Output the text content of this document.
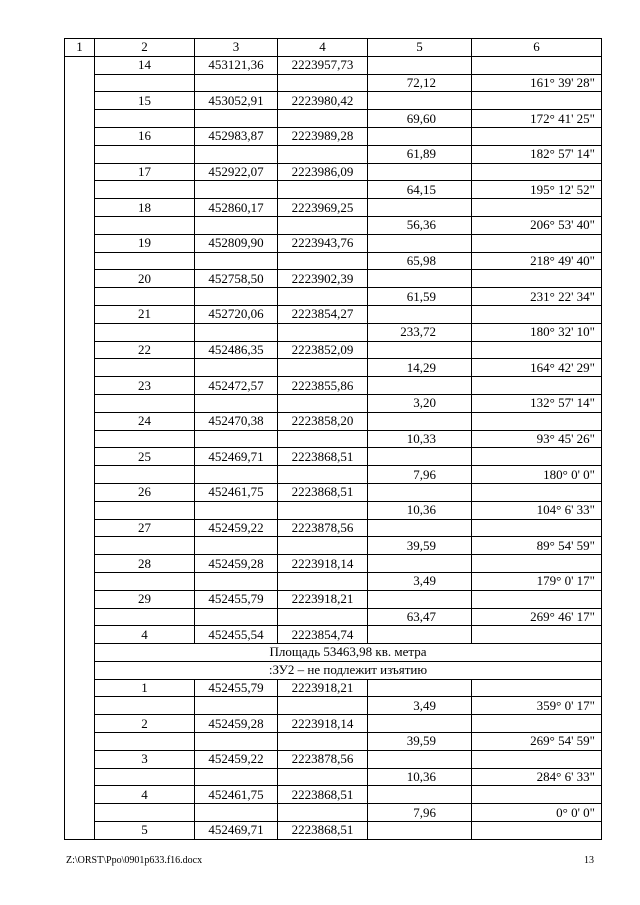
1	2	3	4	5	6
	14	453121,36	2223957,73		
				72,12	161° 39' 28"
	15	453052,91	2223980,42		
				69,60	172° 41' 25"
	16	452983,87	2223989,28		
				61,89	182° 57' 14"
	17	452922,07	2223986,09		
				64,15	195° 12' 52"
	18	452860,17	2223969,25		
				56,36	206° 53' 40"
	19	452809,90	2223943,76		
				65,98	218° 49' 40"
	20	452758,50	2223902,39		
				61,59	231° 22' 34"
	21	452720,06	2223854,27		
				233,72	180° 32' 10"
	22	452486,35	2223852,09		
				14,29	164° 42' 29"
	23	452472,57	2223855,86		
				3,20	132° 57' 14"
	24	452470,38	2223858,20		
				10,33	93° 45' 26"
	25	452469,71	2223868,51		
				7,96	180° 0' 0"
	26	452461,75	2223868,51		
				10,36	104° 6' 33"
	27	452459,22	2223878,56		
				39,59	89° 54' 59"
	28	452459,28	2223918,14		
				3,49	179° 0' 17"
	29	452455,79	2223918,21		
				63,47	269° 46' 17"
	4	452455,54	2223854,74		
	Площадь 53463,98 кв. метра				
	:ЗУ2 – не подлежит изъятию				
	1	452455,79	2223918,21		
				3,49	359° 0' 17"
	2	452459,28	2223918,14		
				39,59	269° 54' 59"
	3	452459,22	2223878,56		
				10,36	284° 6' 33"
	4	452461,75	2223868,51		
				7,96	0° 0' 0"
	5	452469,71	2223868,51		
Z:\ORST\Ppo\0901p633.f16.docx	13
